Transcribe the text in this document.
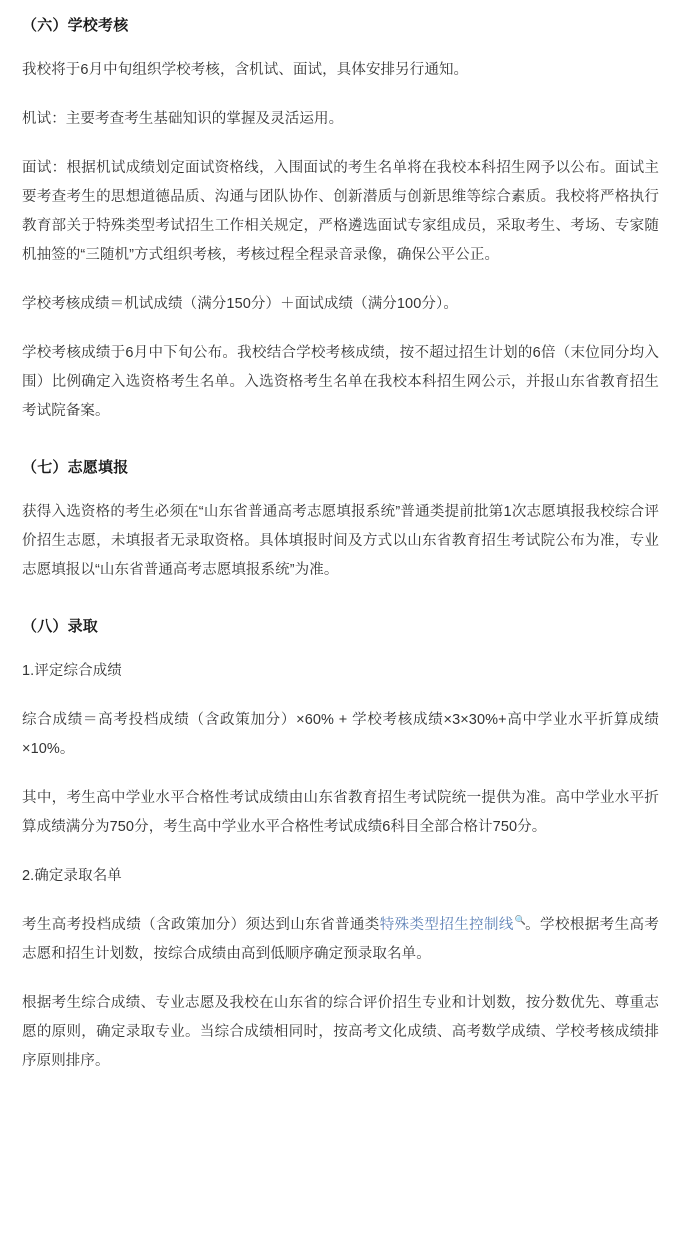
（六）学校考核

我校将于6月中旬组织学校考核，含机试、面试，具体安排另行通知。

机试：主要考查考生基础知识的掌握及灵活运用。

面试：根据机试成绩划定面试资格线，入围面试的考生名单将在我校本科招生网予以公布。面试主要考查考生的思想道德品质、沟通与团队协作、创新潜质与创新思维等综合素质。我校将严格执行教育部关于特殊类型考试招生工作相关规定，严格遴选面试专家组成员，采取考生、考场、专家随机抽签的“三随机”方式组织考核，考核过程全程录音录像，确保公平公正。

学校考核成绩＝机试成绩（满分150分）＋面试成绩（满分100分）。

学校考核成绩于6月中下旬公布。我校结合学校考核成绩，按不超过招生计划的6倍（末位同分均入围）比例确定入选资格考生名单。入选资格考生名单在我校本科招生网公示，并报山东省教育招生考试院备案。

（七）志愿填报

获得入选资格的考生必须在“山东省普通高考志愿填报系统”普通类提前批第1次志愿填报我校综合评价招生志愿，未填报者无录取资格。具体填报时间及方式以山东省教育招生考试院公布为准，专业志愿填报以“山东省普通高考志愿填报系统”为准。

（八）录取

1.评定综合成绩

综合成绩＝高考投档成绩（含政策加分）×60% + 学校考核成绩×3×30%+高中学业水平折算成绩×10%。

其中，考生高中学业水平合格性考试成绩由山东省教育招生考试院统一提供为准。高中学业水平折算成绩满分为750分，考生高中学业水平合格性考试成绩6科目全部合格计750分。

2.确定录取名单

考生高考投档成绩（含政策加分）须达到山东省普通类特殊类型招生控制线🔍。学校根据考生高考志愿和招生计划数，按综合成绩由高到低顺序确定预录取名单。

根据考生综合成绩、专业志愿及我校在山东省的综合评价招生专业和计划数，按分数优先、尊重志愿的原则，确定录取专业。当综合成绩相同时，按高考文化成绩、高考数学成绩、学校考核成绩排序原则排序。
